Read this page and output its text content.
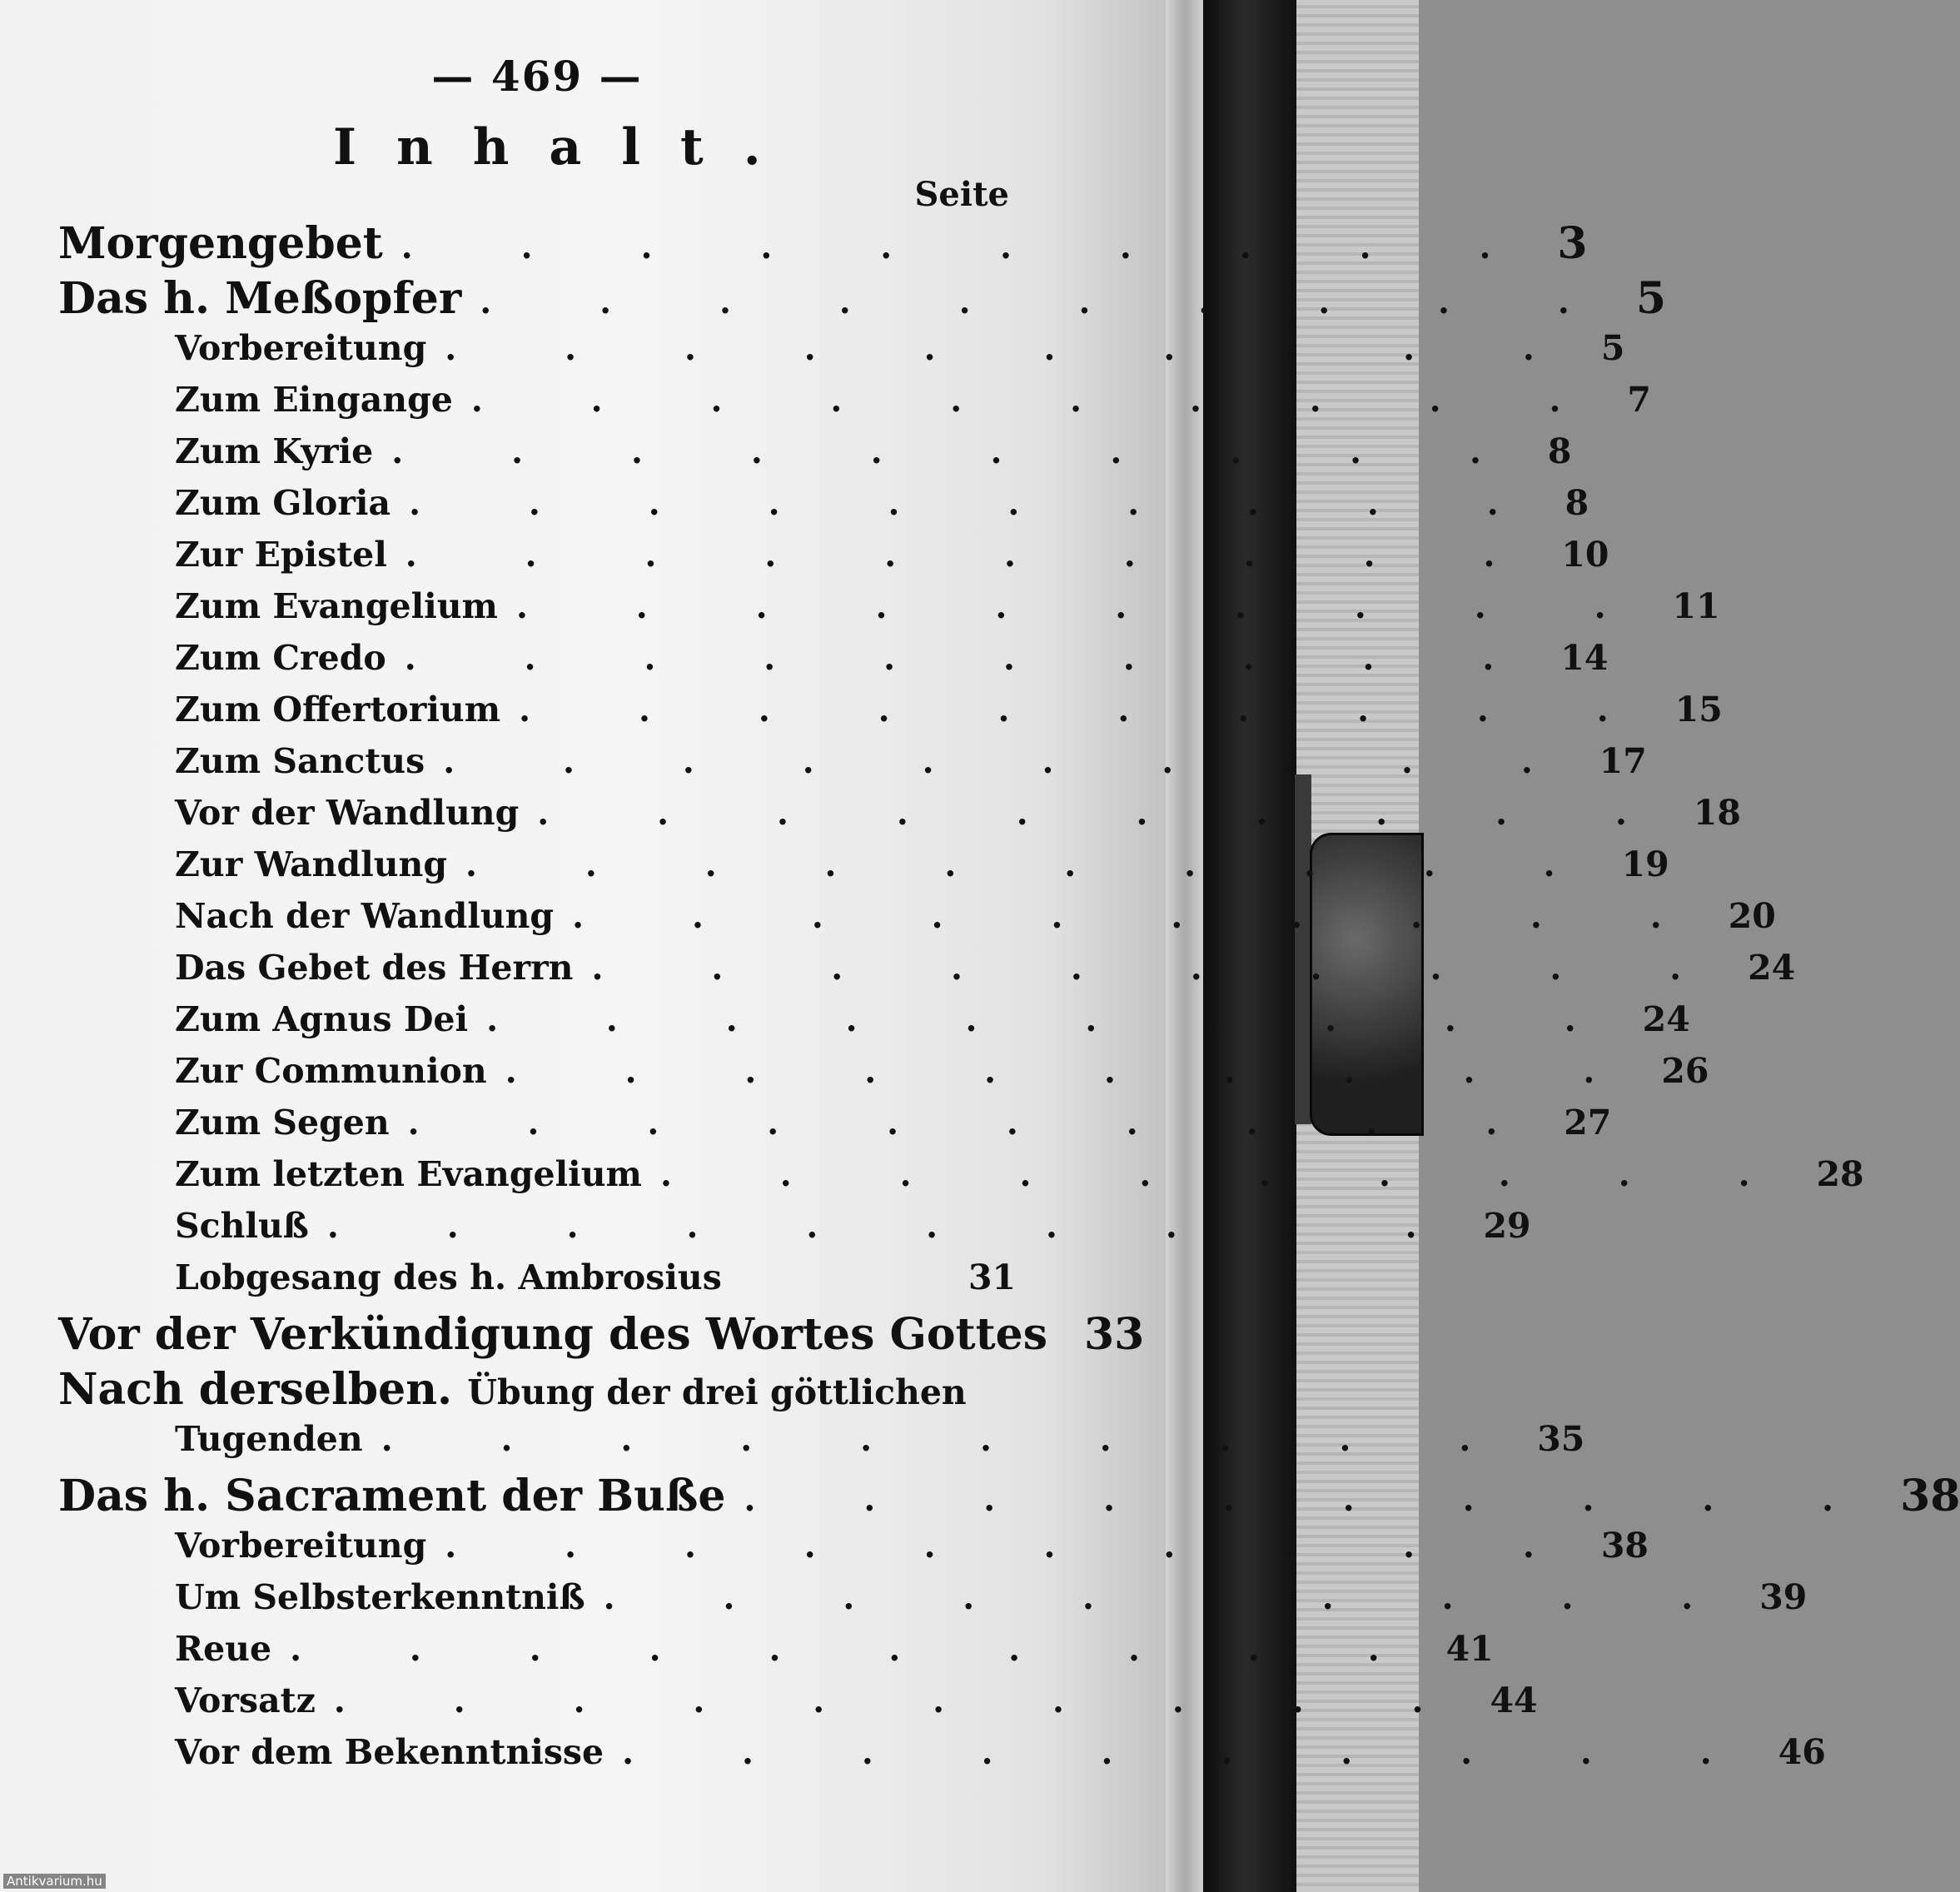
— 469 —
Inhalt.
Seite
Morgengebet . . . . . . . . . . 3
Das h. Meßopfer . . . . . . . . . . 5
Vorbereitung . . . . . . . . . . 5
Zum Eingange . . . . . . . . . . 7
Zum Kyrie . . . . . . . . . . 8
Zum Gloria . . . . . . . . . . 8
Zur Epistel . . . . . . . . . . 10
Zum Evangelium . . . . . . . . . . 11
Zum Credo . . . . . . . . . . 14
Zum Offertorium . . . . . . . . . . 15
Zum Sanctus . . . . . . . . . . 17
Vor der Wandlung . . . . . . . . . . 18
Zur Wandlung . . . . . . . . . . 19
Nach der Wandlung . . . . . . . . . . 20
Das Gebet des Herrn . . . . . . . . . . 24
Zum Agnus Dei . . . . . . . . . . 24
Zur Communion . . . . . . . . . . 26
Zum Segen . . . . . . . . . . 27
Zum letzten Evangelium . . . . . . . . . . 28
Schluß . . . . . . . . . . 29
Lobgesang des h. Ambrosius	31
Vor der Verkündigung des Wortes Gottes 33
Nach derselben. Übung der drei göttlichen
Tugenden . . . . . . . . . . 35
Das h. Sacrament der Buße . . . . . . . . . . 38
Vorbereitung . . . . . . . . . . 38
Um Selbsterkenntniß . . . . . . . . . . 39
Reue . . . . . . . . . . 41
Vorsatz . . . . . . . . . . 44
Vor dem Bekenntnisse . . . . . . . . . . 46
Antikvarium.hu
